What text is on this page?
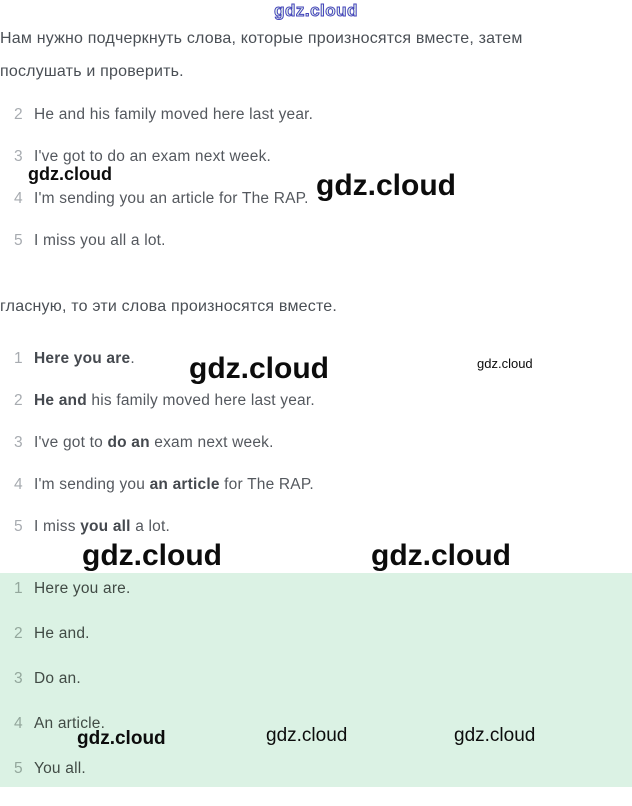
gdz.cloud
Нам нужно подчеркнуть слова, которые произносятся вместе, затем
послушать и проверить.
2 He and his family moved here last year.
3 I've got to do an exam next week.
4 I'm sending you an article for The RAP.
5 I miss you all a lot.
gdz.cloud	gdz.cloud
гласную, то эти слова произносятся вместе.
1 Here you are.
2 He and his family moved here last year.
3 I've got to do an exam next week.
4 I'm sending you an article for The RAP.
5 I miss you all a lot.
gdz.cloud	gdz.cloud
gdz.cloud	gdz.cloud
1 Here you are.
2 He and.
3 Do an.
4 An article.
5 You all.
gdz.cloud	gdz.cloud	gdz.cloud
